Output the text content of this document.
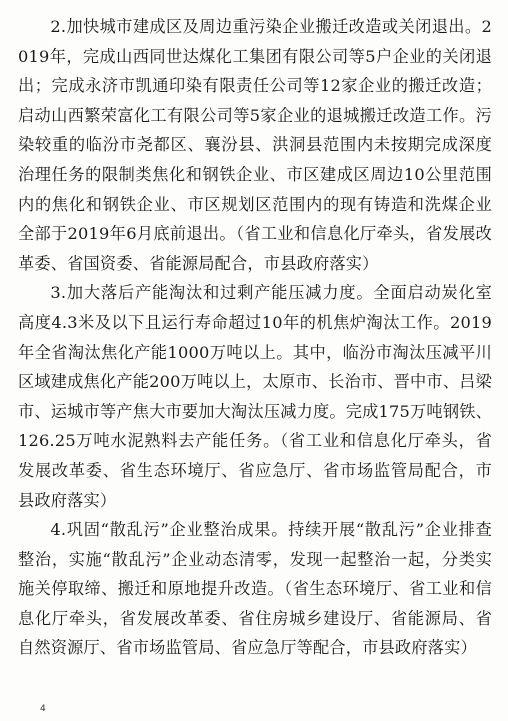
2.加快城市建成区及周边重污染企业搬迁改造或关闭退出。2019年，完成山西同世达煤化工集团有限公司等5户企业的关闭退出；完成永济市凯通印染有限责任公司等12家企业的搬迁改造；启动山西繁荣富化工有限公司等5家企业的退城搬迁改造工作。污染较重的临汾市尧都区、襄汾县、洪洞县范围内未按期完成深度治理任务的限制类焦化和钢铁企业、市区建成区周边10公里范围内的焦化和钢铁企业、市区规划区范围内的现有铸造和洗煤企业全部于2019年6月底前退出。（省工业和信息化厅牵头，省发展改革委、省国资委、省能源局配合，市县政府落实）

3.加大落后产能淘汰和过剩产能压减力度。全面启动炭化室高度4.3米及以下且运行寿命超过10年的机焦炉淘汰工作。2019年全省淘汰焦化产能1000万吨以上。其中，临汾市淘汰压减平川区域建成焦化产能200万吨以上，太原市、长治市、晋中市、吕梁市、运城市等产焦大市要加大淘汰压减力度。完成175万吨钢铁、126.25万吨水泥熟料去产能任务。（省工业和信息化厅牵头，省发展改革委、省生态环境厅、省应急厅、省市场监管局配合，市县政府落实）

4.巩固“散乱污”企业整治成果。持续开展“散乱污”企业排查整治，实施“散乱污”企业动态清零，发现一起整治一起，分类实施关停取缔、搬迁和原地提升改造。（省生态环境厅、省工业和信息化厅牵头，省发展改革委、省住房城乡建设厅、省能源局、省自然资源厅、省市场监管局、省应急厅等配合，市县政府落实）

4
